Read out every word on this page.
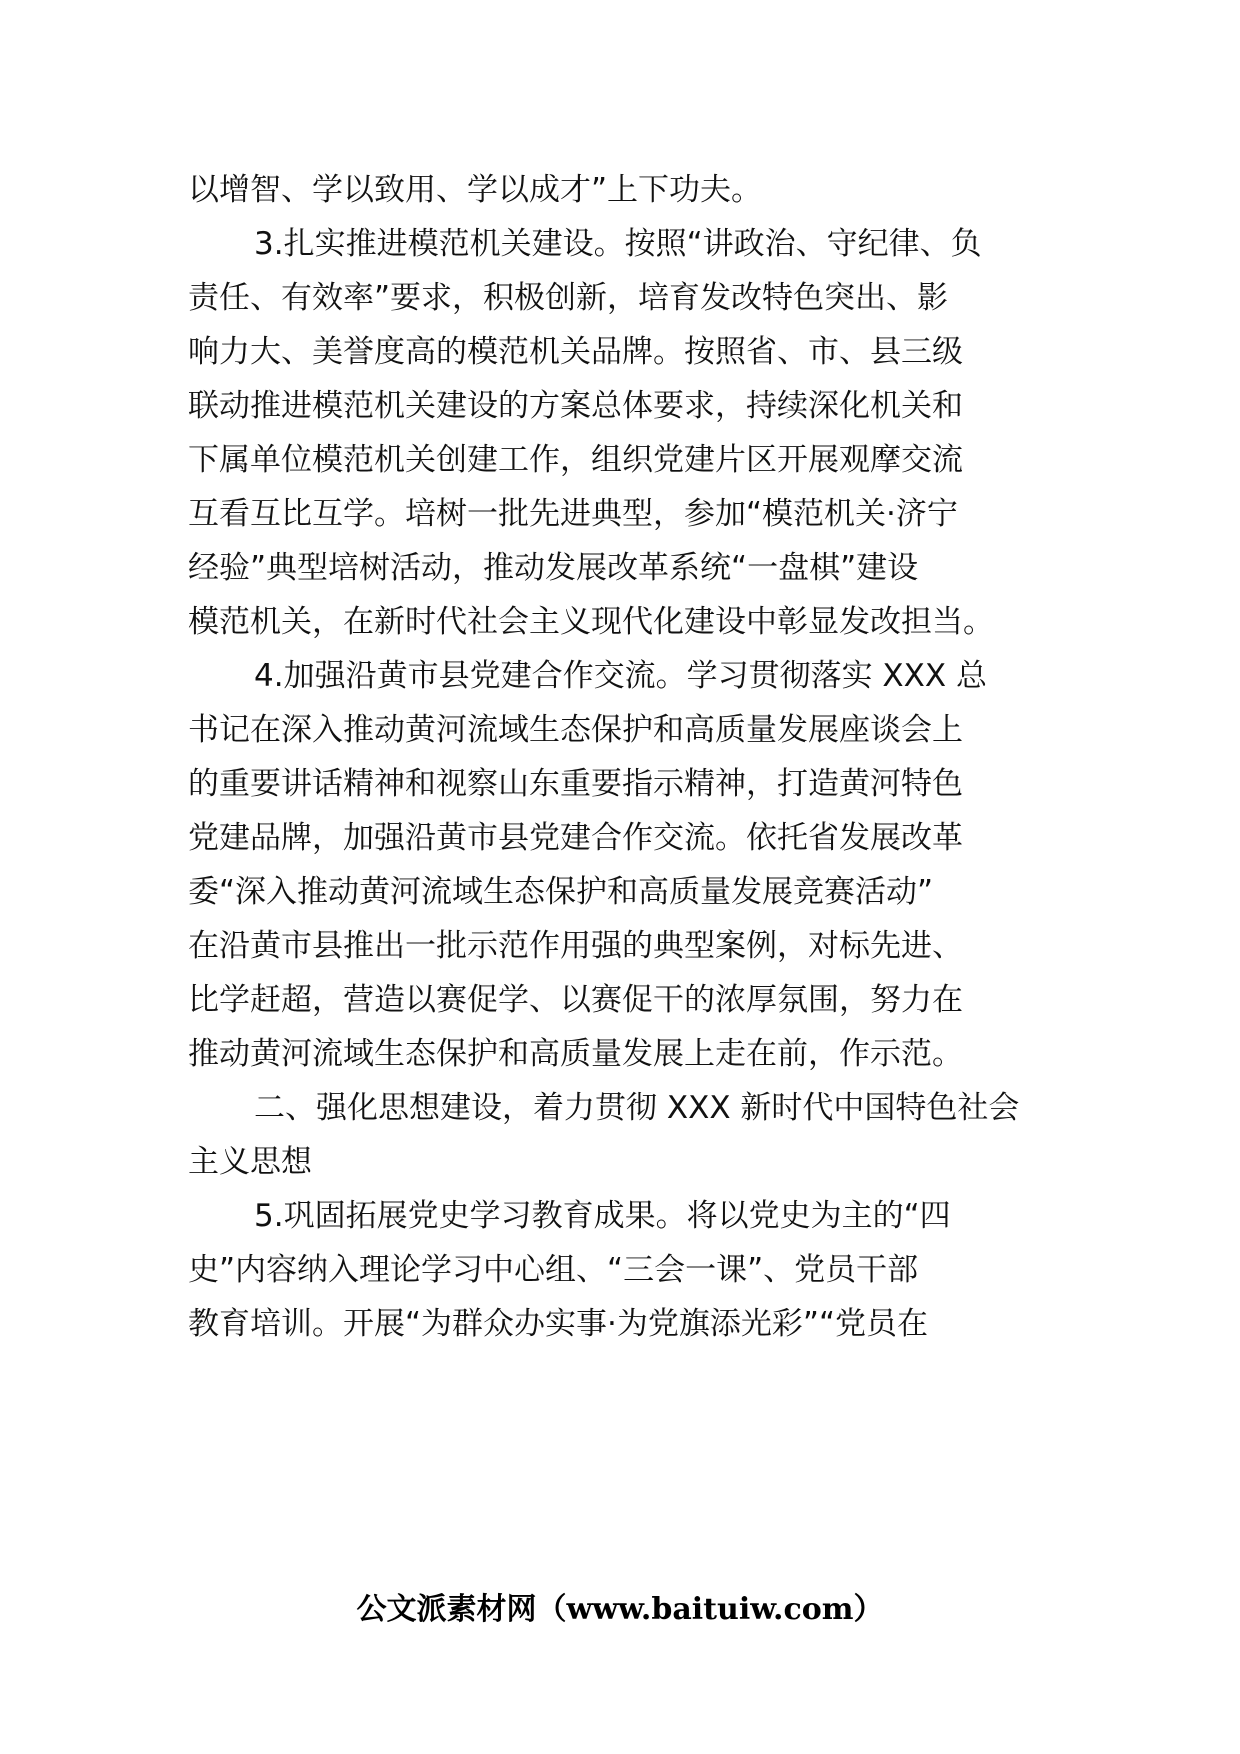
以增智、学以致用、学以成才”上下功夫。
3.扎实推进模范机关建设。按照“讲政治、守纪律、负
责任、有效率”要求，积极创新，培育发改特色突出、影
响力大、美誉度高的模范机关品牌。按照省、市、县三级
联动推进模范机关建设的方案总体要求，持续深化机关和
下属单位模范机关创建工作，组织党建片区开展观摩交流
互看互比互学。培树一批先进典型，参加“模范机关·济宁
经验”典型培树活动，推动发展改革系统“一盘棋”建设
模范机关，在新时代社会主义现代化建设中彰显发改担当。
4.加强沿黄市县党建合作交流。学习贯彻落实 XXX 总
书记在深入推动黄河流域生态保护和高质量发展座谈会上
的重要讲话精神和视察山东重要指示精神，打造黄河特色
党建品牌，加强沿黄市县党建合作交流。依托省发展改革
委“深入推动黄河流域生态保护和高质量发展竞赛活动”
在沿黄市县推出一批示范作用强的典型案例，对标先进、
比学赶超，营造以赛促学、以赛促干的浓厚氛围，努力在
推动黄河流域生态保护和高质量发展上走在前，作示范。
二、强化思想建设，着力贯彻 XXX 新时代中国特色社会
主义思想
5.巩固拓展党史学习教育成果。将以党史为主的“四
史”内容纳入理论学习中心组、“三会一课”、党员干部
教育培训。开展“为群众办实事·为党旗添光彩”“党员在
公文派素材网（www.baituiw.com）
